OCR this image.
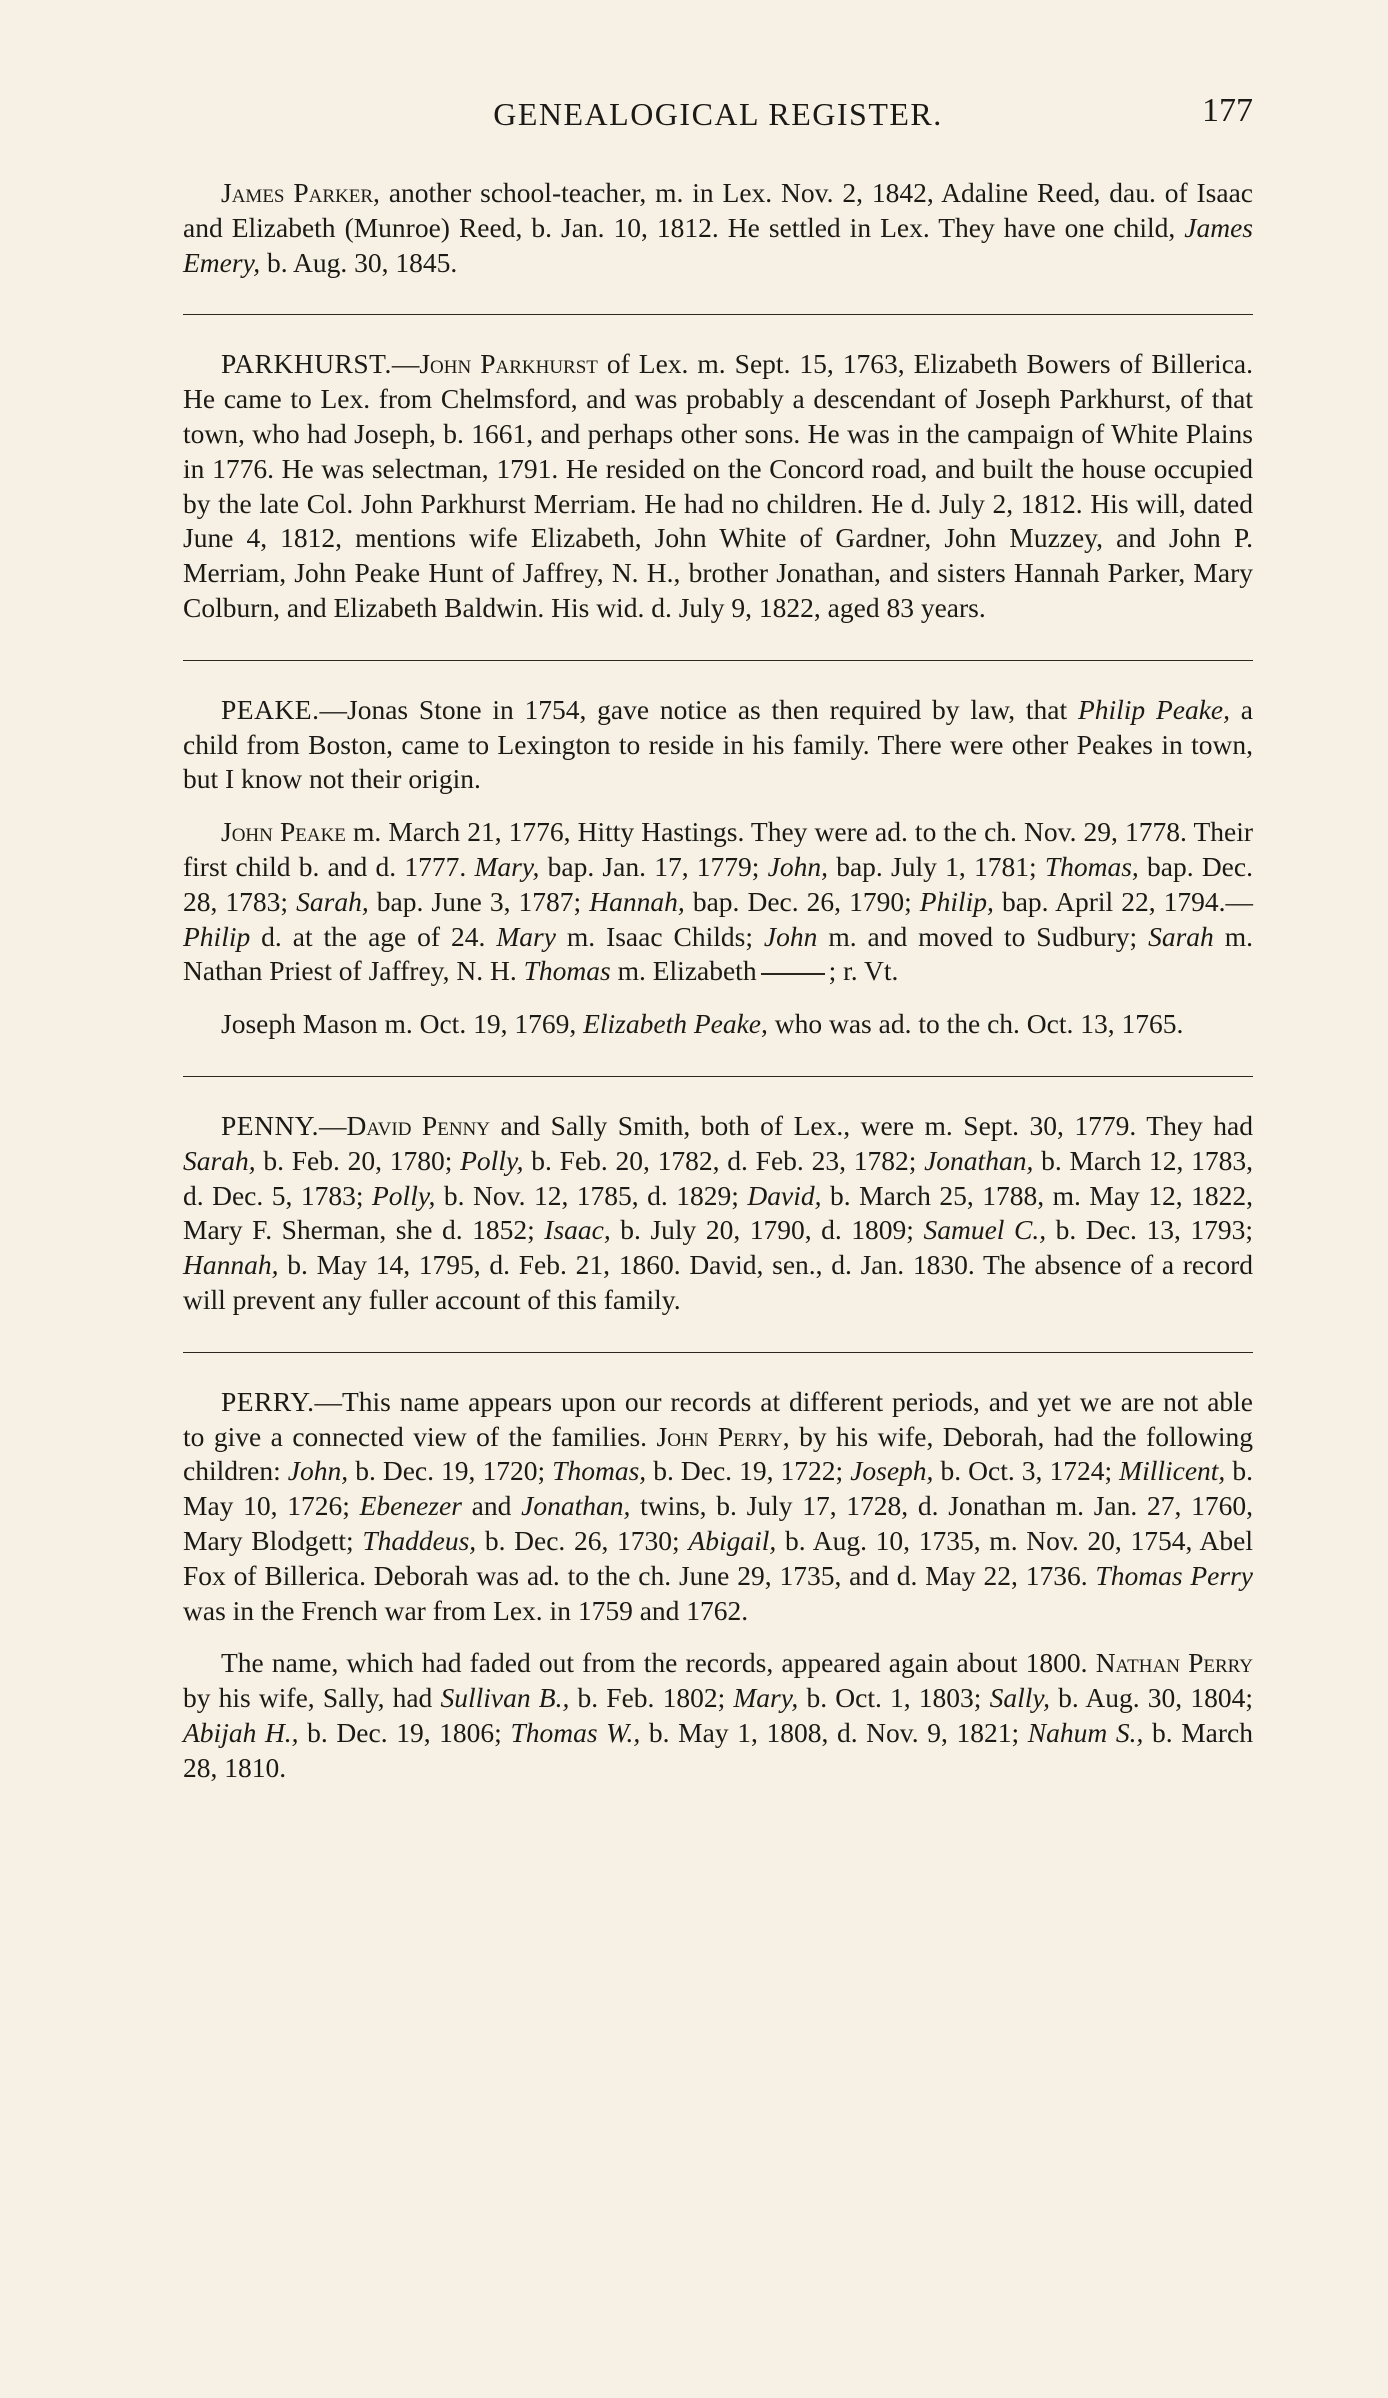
GENEALOGICAL REGISTER.	177

James Parker, another school-teacher, m. in Lex. Nov. 2, 1842, Adaline Reed, dau. of Isaac and Elizabeth (Munroe) Reed, b. Jan. 10, 1812. He settled in Lex. They have one child, James Emery, b. Aug. 30, 1845.

PARKHURST.—John Parkhurst of Lex. m. Sept. 15, 1763, Elizabeth Bowers of Billerica. He came to Lex. from Chelmsford, and was probably a descendant of Joseph Parkhurst, of that town, who had Joseph, b. 1661, and perhaps other sons. He was in the campaign of White Plains in 1776. He was selectman, 1791. He resided on the Concord road, and built the house occupied by the late Col. John Parkhurst Merriam. He had no children. He d. July 2, 1812. His will, dated June 4, 1812, mentions wife Elizabeth, John White of Gardner, John Muzzey, and John P. Merriam, John Peake Hunt of Jaffrey, N. H., brother Jonathan, and sisters Hannah Parker, Mary Colburn, and Elizabeth Baldwin. His wid. d. July 9, 1822, aged 83 years.

PEAKE.—Jonas Stone in 1754, gave notice as then required by law, that Philip Peake, a child from Boston, came to Lexington to reside in his family. There were other Peakes in town, but I know not their origin.

John Peake m. March 21, 1776, Hitty Hastings. They were ad. to the ch. Nov. 29, 1778. Their first child b. and d. 1777. Mary, bap. Jan. 17, 1779; John, bap. July 1, 1781; Thomas, bap. Dec. 28, 1783; Sarah, bap. June 3, 1787; Hannah, bap. Dec. 26, 1790; Philip, bap. April 22, 1794.—Philip d. at the age of 24. Mary m. Isaac Childs; John m. and moved to Sudbury; Sarah m. Nathan Priest of Jaffrey, N. H. Thomas m. Elizabeth	; r. Vt.

Joseph Mason m. Oct. 19, 1769, Elizabeth Peake, who was ad. to the ch. Oct. 13, 1765.

PENNY.—David Penny and Sally Smith, both of Lex., were m. Sept. 30, 1779. They had Sarah, b. Feb. 20, 1780; Polly, b. Feb. 20, 1782, d. Feb. 23, 1782; Jonathan, b. March 12, 1783, d. Dec. 5, 1783; Polly, b. Nov. 12, 1785, d. 1829; David, b. March 25, 1788, m. May 12, 1822, Mary F. Sherman, she d. 1852; Isaac, b. July 20, 1790, d. 1809; Samuel C., b. Dec. 13, 1793; Hannah, b. May 14, 1795, d. Feb. 21, 1860. David, sen., d. Jan. 1830. The absence of a record will prevent any fuller account of this family.

PERRY.—This name appears upon our records at different periods, and yet we are not able to give a connected view of the families. John Perry, by his wife, Deborah, had the following children: John, b. Dec. 19, 1720; Thomas, b. Dec. 19, 1722; Joseph, b. Oct. 3, 1724; Millicent, b. May 10, 1726; Ebenezer and Jonathan, twins, b. July 17, 1728, d. Jonathan m. Jan. 27, 1760, Mary Blodgett; Thaddeus, b. Dec. 26, 1730; Abigail, b. Aug. 10, 1735, m. Nov. 20, 1754, Abel Fox of Billerica. Deborah was ad. to the ch. June 29, 1735, and d. May 22, 1736. Thomas Perry was in the French war from Lex. in 1759 and 1762.

The name, which had faded out from the records, appeared again about 1800. Nathan Perry by his wife, Sally, had Sullivan B., b. Feb. 1802; Mary, b. Oct. 1, 1803; Sally, b. Aug. 30, 1804; Abijah H., b. Dec. 19, 1806; Thomas W., b. May 1, 1808, d. Nov. 9, 1821; Nahum S., b. March 28, 1810.
